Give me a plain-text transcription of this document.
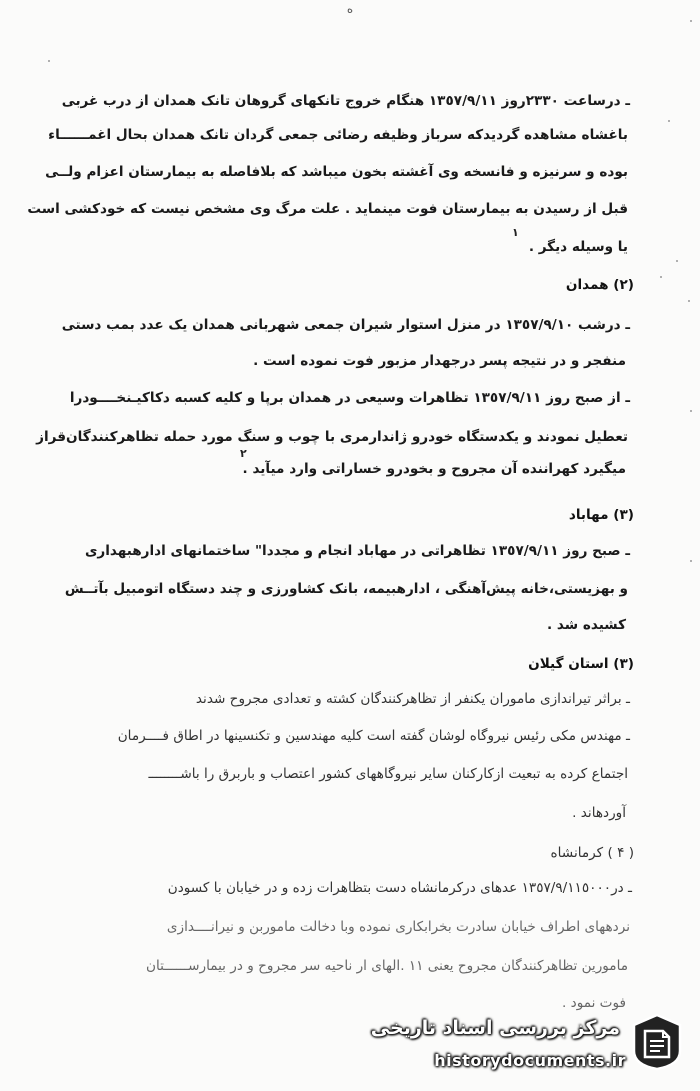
ه
ـ درساعت ٢٣٣٠روز ١٣٥٧/٩/١١ هنگام خروج تانکهای گروهان تانک همدان از درب غربی
باغشاه مشاهده گردیدکه سرباز وظیفه رضائی جمعی گردان تانک همدان بحال اغمــــــاء
بوده و سرنیزه و فانسخه وی آغشته بخون میباشد که بلافاصله به بیمارستان اعزام ولــی
قبل از رسیدن به بیمارستان فوت مینماید . علت مرگ وی مشخص نیست که خودکشی است
یا وسیله دیگر .
١
(٢) همدان
ـ درشب ١٣٥٧/٩/١٠ در منزل استوار شیران جمعی شهربانی همدان یک عدد بمب دستی
منفجر و در نتیجه پسر درجهدار مزبور فوت نموده است .
ـ از صبح روز ١٣٥٧/٩/١١ تظاهرات وسیعی در همدان برپا و کلیه کسبه دکاکیـنخــــودرا
تعطیل نمودند و یکدستگاه خودرو ژاندارمری با چوب و سنگ مورد حمله تظاهرکنندگان‌قراز
میگیرد کهراننده آن مجروح و بخودرو خساراتی وارد میآید .
٢
(٣) مهاباد
ـ صبح روز ١٣٥٧/٩/١١ تظاهراتی در مهاباد انجام و مجددا" ساختمانهای ادارهبهداری
و بهزیستی،خانه پیش‌آهنگی ، ادارهبیمه، بانک کشاورزی و چند دستگاه اتومبیل بآتــش
کشیده شد .
(٣) استان گیلان
ـ براثر تیراندازی ماموران یکنفر از تظاهرکنندگان کشته و تعدادی مجروح شدند
ـ مهندس مکی رئیس نیروگاه لوشان گفته است کلیه مهندسین و تکنسینها در اطاق فــــرمان
اجتماع کرده به تبعیت ازکارکنان سایر نیروگاههای کشور اعتصاب و باربرق را باشــــــــ
آوردهاند .
( ۴ ) کرمانشاه
ـ در١٣٥٧/٩/١١٥٠٠٠ عدهای درکرمانشاه دست بتظاهرات زده و در خیابان با کسودن
نردههای اطراف خیابان سادرت بخرابکاری نموده وبا دخالت ماموربن و نیرانــــدازی
مامورین تظاهرکنندگان مجروح یعنی ١١ .الهای ار ناحیه سر مجروح و در بیمارســــــتان
فوت نمود .
مرکز بررسی اسناد تاریخی
historydocuments.ir
